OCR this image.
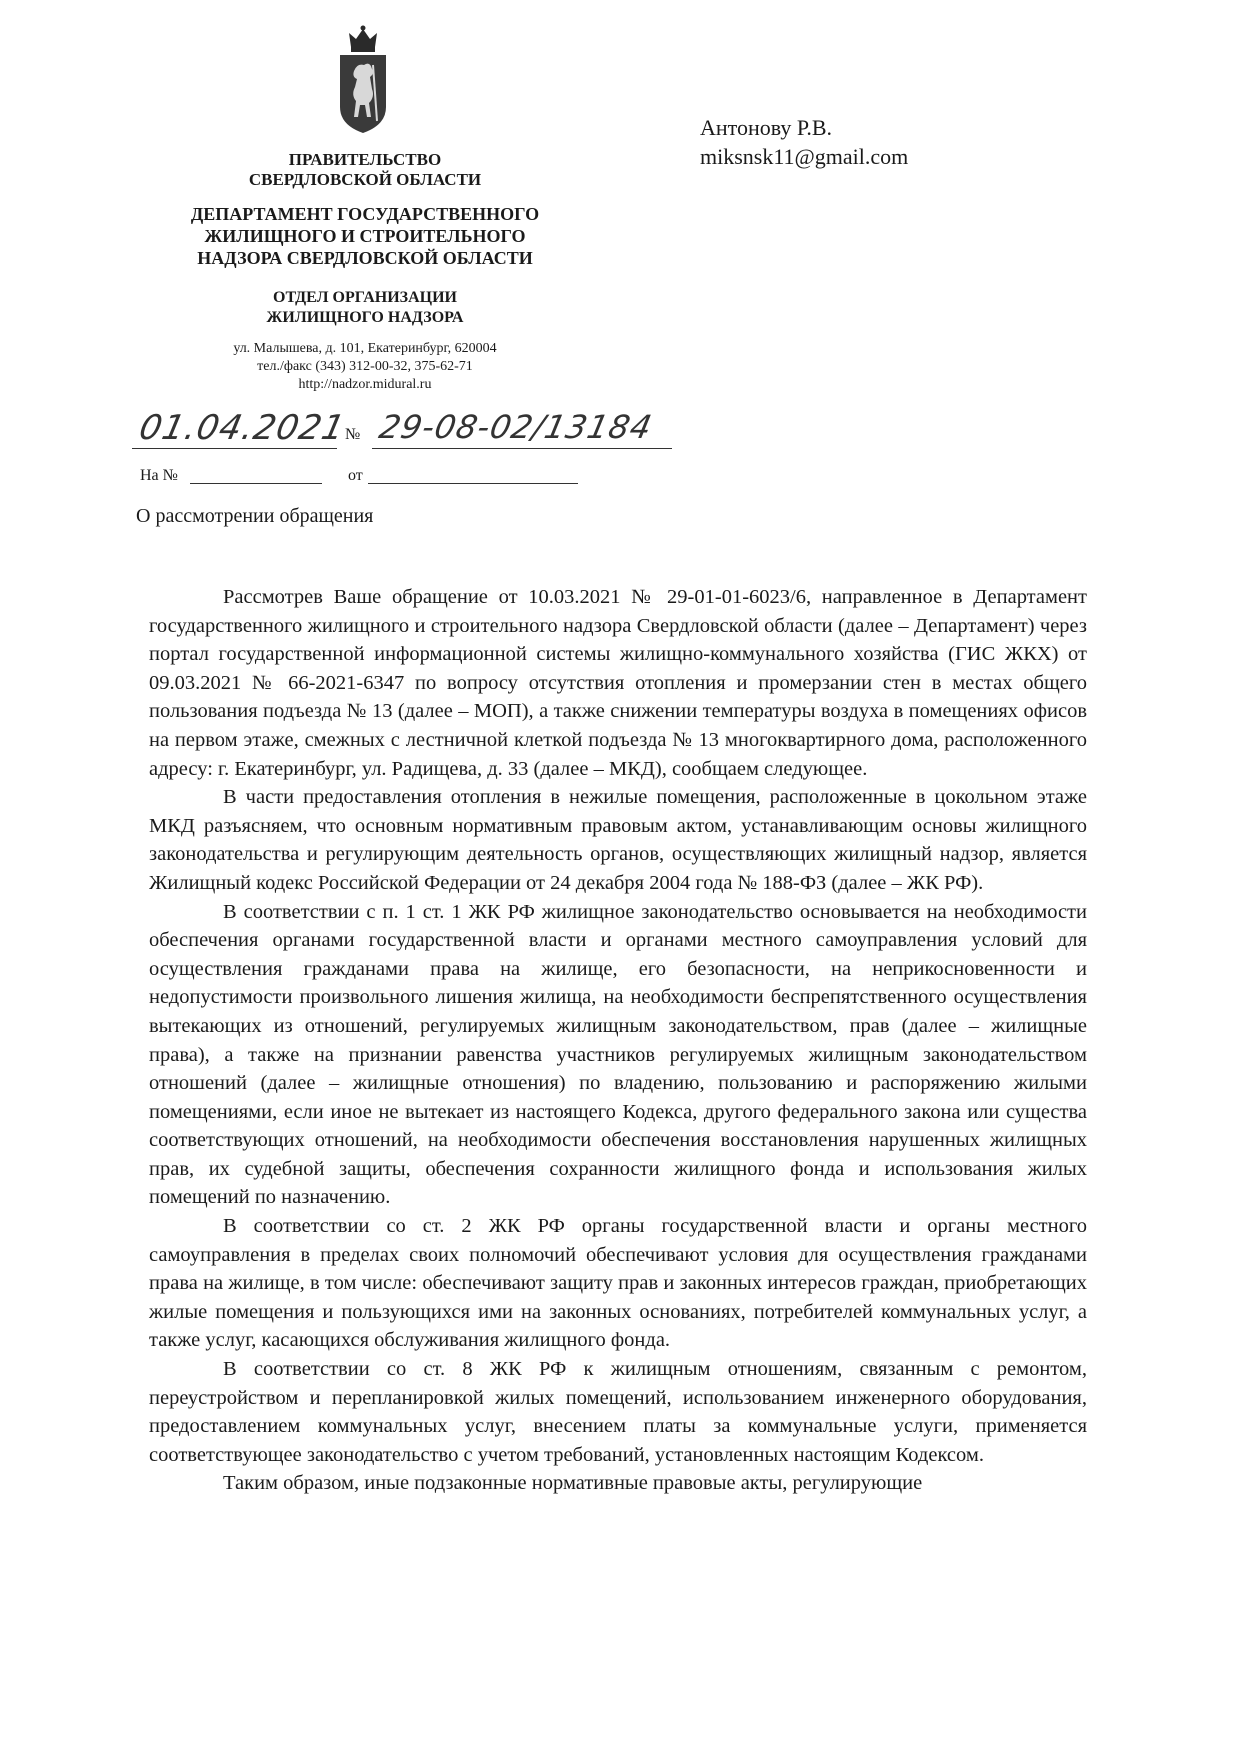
ПРАВИТЕЛЬСТВО
СВЕРДЛОВСКОЙ ОБЛАСТИ
ДЕПАРТАМЕНТ ГОСУДАРСТВЕННОГО
ЖИЛИЩНОГО И СТРОИТЕЛЬНОГО
НАДЗОРА СВЕРДЛОВСКОЙ ОБЛАСТИ
ОТДЕЛ ОРГАНИЗАЦИИ
ЖИЛИЩНОГО НАДЗОРА
ул. Малышева, д. 101, Екатеринбург, 620004
тел./факс (343) 312-00-32, 375-62-71
http://nadzor.midural.ru
Антонову Р.В.
miksnsk11@gmail.com
01.04.2021
№ 29-08-02/13184
На №	от
О рассмотрении обращения

Рассмотрев Ваше обращение от 10.03.2021 № 29-01-01-6023/6, направленное в Департамент государственного жилищного и строительного надзора Свердловской области (далее – Департамент) через портал государственной информационной системы жилищно-коммунального хозяйства (ГИС ЖКХ) от 09.03.2021 № 66-2021-6347 по вопросу отсутствия отопления и промерзании стен в местах общего пользования подъезда № 13 (далее – МОП), а также снижении температуры воздуха в помещениях офисов на первом этаже, смежных с лестничной клеткой подъезда № 13 многоквартирного дома, расположенного адресу: г. Екатеринбург, ул. Радищева, д. 33 (далее – МКД), сообщаем следующее.

В части предоставления отопления в нежилые помещения, расположенные в цокольном этаже МКД разъясняем, что основным нормативным правовым актом, устанавливающим основы жилищного законодательства и регулирующим деятельность органов, осуществляющих жилищный надзор, является Жилищный кодекс Российской Федерации от 24 декабря 2004 года № 188-ФЗ (далее – ЖК РФ).

В соответствии с п. 1 ст. 1 ЖК РФ жилищное законодательство основывается на необходимости обеспечения органами государственной власти и органами местного самоуправления условий для осуществления гражданами права на жилище, его безопасности, на неприкосновенности и недопустимости произвольного лишения жилища, на необходимости беспрепятственного осуществления вытекающих из отношений, регулируемых жилищным законодательством, прав (далее – жилищные права), а также на признании равенства участников регулируемых жилищным законодательством отношений (далее – жилищные отношения) по владению, пользованию и распоряжению жилыми помещениями, если иное не вытекает из настоящего Кодекса, другого федерального закона или существа соответствующих отношений, на необходимости обеспечения восстановления нарушенных жилищных прав, их судебной защиты, обеспечения сохранности жилищного фонда и использования жилых помещений по назначению.

В соответствии со ст. 2 ЖК РФ органы государственной власти и органы местного самоуправления в пределах своих полномочий обеспечивают условия для осуществления гражданами права на жилище, в том числе: обеспечивают защиту прав и законных интересов граждан, приобретающих жилые помещения и пользующихся ими на законных основаниях, потребителей коммунальных услуг, а также услуг, касающихся обслуживания жилищного фонда.

В соответствии со ст. 8 ЖК РФ к жилищным отношениям, связанным с ремонтом, переустройством и перепланировкой жилых помещений, использованием инженерного оборудования, предоставлением коммунальных услуг, внесением платы за коммунальные услуги, применяется соответствующее законодательство с учетом требований, установленных настоящим Кодексом.

Таким образом, иные подзаконные нормативные правовые акты, регулирующие
